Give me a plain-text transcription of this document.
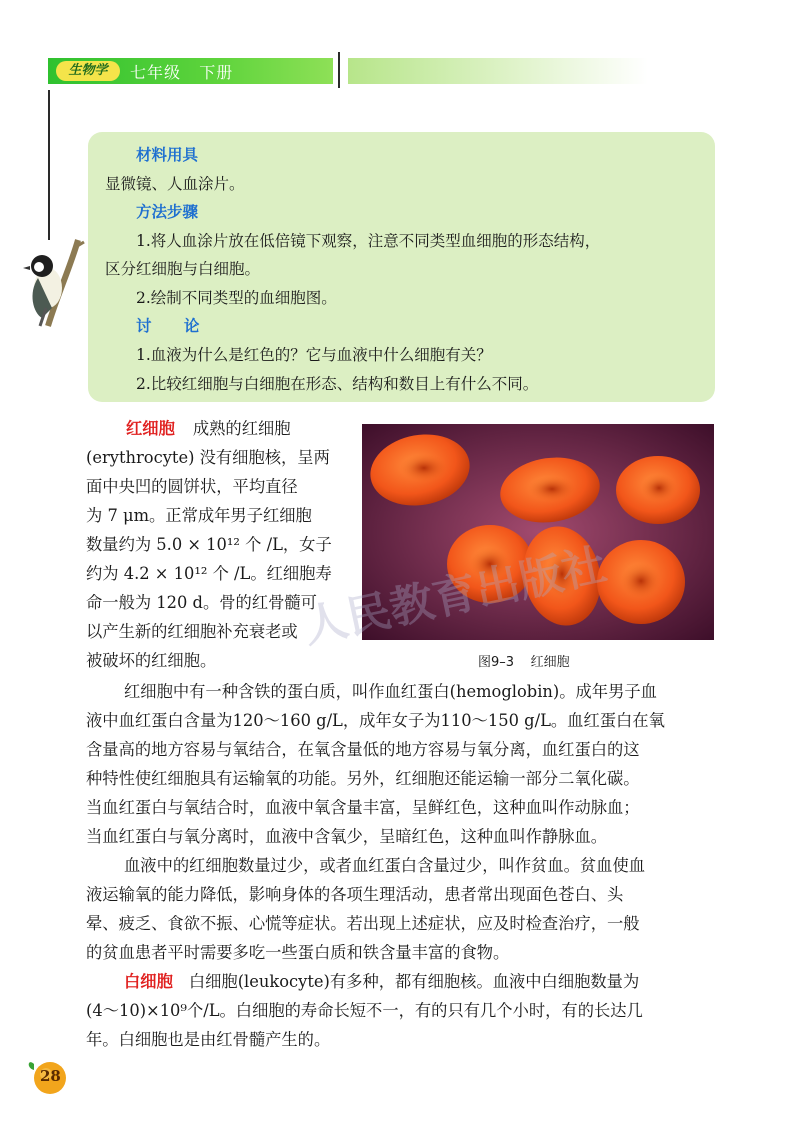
生物学	七年级   下册
材料用具
显微镜、人血涂片。
方法步骤
1.将人血涂片放在低倍镜下观察，注意不同类型血细胞的形态结构，
区分红细胞与白细胞。
2.绘制不同类型的血细胞图。
讨      论
1.血液为什么是红色的？它与血液中什么细胞有关？
2.比较红细胞与白细胞在形态、结构和数目上有什么不同。
红细胞 成熟的红细胞
(erythrocyte) 没有细胞核，呈两
面中央凹的圆饼状，平均直径
为 7 μm。正常成年男子红细胞
数量约为 5.0 × 10¹² 个 /L，女子
约为 4.2 × 10¹² 个 /L。红细胞寿
命一般为 120 d。骨的红骨髓可
以产生新的红细胞补充衰老或
被破坏的红细胞。
人民教育出版社
图9–3    红细胞
红细胞中有一种含铁的蛋白质，叫作血红蛋白(hemoglobin)。成年男子血
液中血红蛋白含量为120～160 g/L，成年女子为110～150 g/L。血红蛋白在氧
含量高的地方容易与氧结合，在氧含量低的地方容易与氧分离，血红蛋白的这
种特性使红细胞具有运输氧的功能。另外，红细胞还能运输一部分二氧化碳。
当血红蛋白与氧结合时，血液中氧含量丰富，呈鲜红色，这种血叫作动脉血；
当血红蛋白与氧分离时，血液中含氧少，呈暗红色，这种血叫作静脉血。
血液中的红细胞数量过少，或者血红蛋白含量过少，叫作贫血。贫血使血
液运输氧的能力降低，影响身体的各项生理活动，患者常出现面色苍白、头
晕、疲乏、食欲不振、心慌等症状。若出现上述症状，应及时检查治疗，一般
的贫血患者平时需要多吃一些蛋白质和铁含量丰富的食物。
白细胞 白细胞(leukocyte)有多种，都有细胞核。血液中白细胞数量为
(4～10)×10⁹个/L。白细胞的寿命长短不一，有的只有几个小时，有的长达几
年。白细胞也是由红骨髓产生的。
28
